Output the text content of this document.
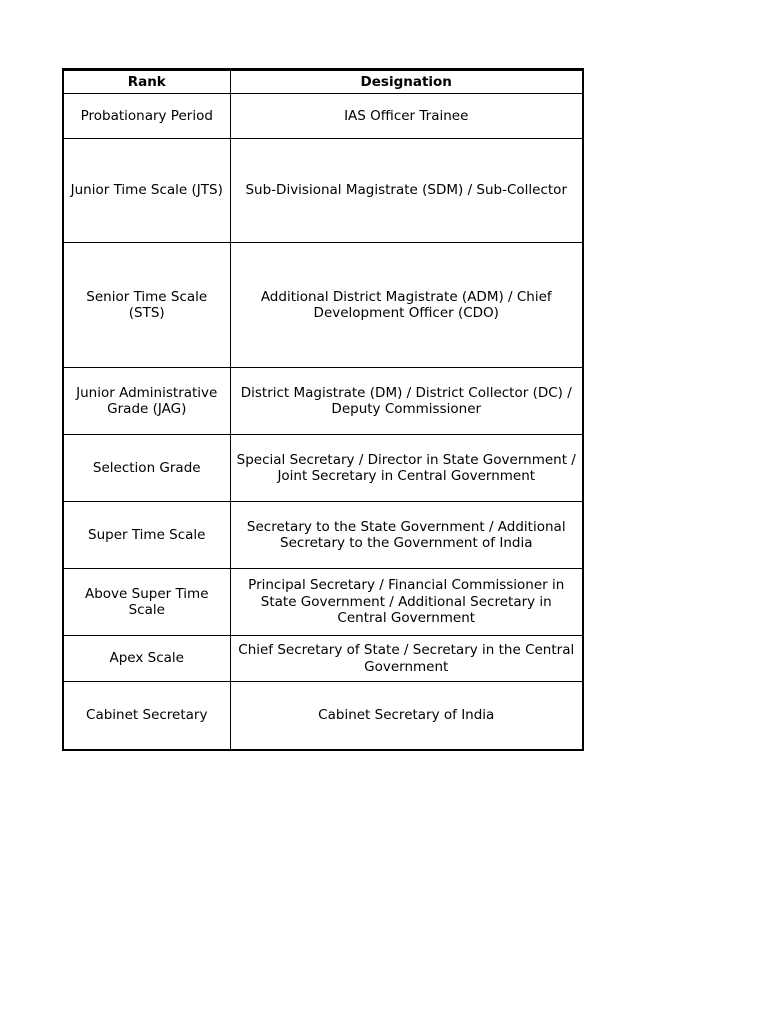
Rank	Designation
Probationary Period	IAS Officer Trainee
Junior Time Scale (JTS)	Sub-Divisional Magistrate (SDM) / Sub-Collector
Senior Time Scale (STS)	Additional District Magistrate (ADM) / Chief Development Officer (CDO)
Junior Administrative Grade (JAG)	District Magistrate (DM) / District Collector (DC) / Deputy Commissioner
Selection Grade	Special Secretary / Director in State Government / Joint Secretary in Central Government
Super Time Scale	Secretary to the State Government / Additional Secretary to the Government of India
Above Super Time Scale	Principal Secretary / Financial Commissioner in State Government / Additional Secretary in Central Government
Apex Scale	Chief Secretary of State / Secretary in the Central Government
Cabinet Secretary	Cabinet Secretary of India
